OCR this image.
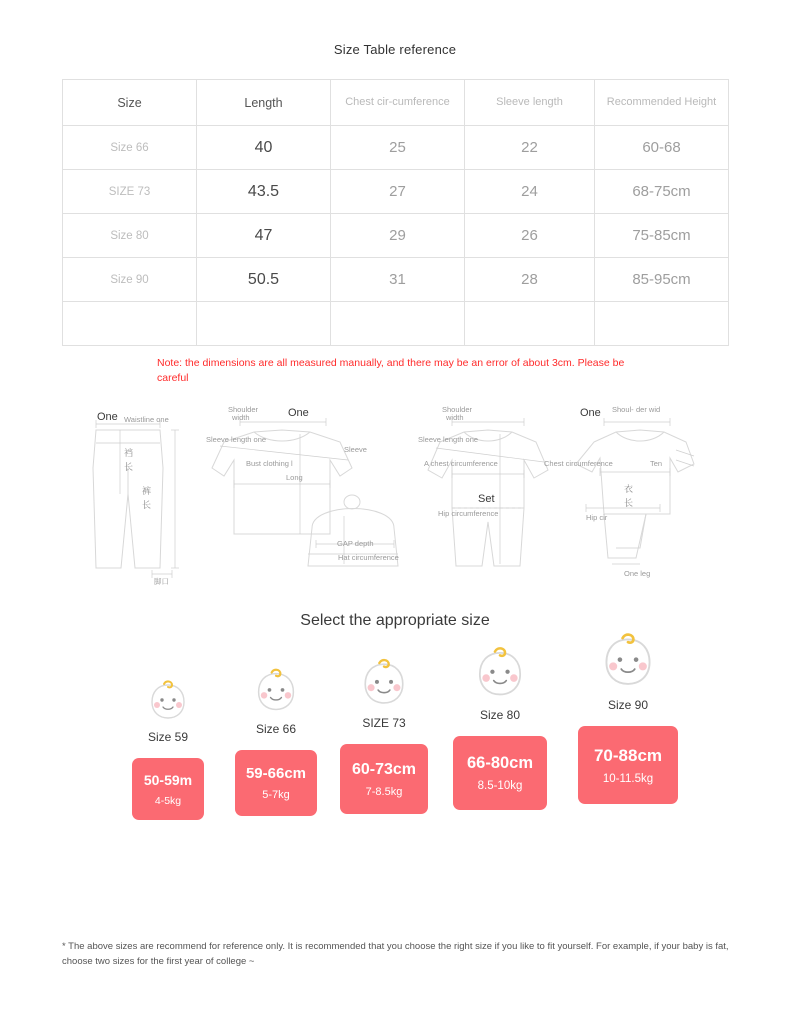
Size Table reference
Size	Length	Chest cir-cumference	Sleeve length	Recommended Height
Size 66	40	25	22	60-68
SIZE 73	43.5	27	24	68-75cm
Size 80	47	29	26	75-85cm
Size 90	50.5	31	28	85-95cm

Note: the dimensions are all measured manually, and there may be an error of about 3cm. Please be careful
One Waistline one
裆
长
裤
长
脚口
Shoulder
width	One
Sleeve length one
Sleeve
Bust clothing l
Long
GAP depth
Hat circumference
Shoulder
width
Sleeve length one
A chest circumference
Set
Hip circumference
One Shoul- der wid
Chest circumference	Ten
衣
长
Hip cir
One leg
Select the appropriate size
Size 59
50-59m
4-5kg
Size 66
59-66cm
5-7kg
SIZE 73
60-73cm
7-8.5kg
Size 80
66-80cm
8.5-10kg
Size 90
70-88cm
10-11.5kg
* The above sizes are recommend for reference only. It is recommended that you choose the right size if you like to fit yourself. For example, if your baby is fat, choose two sizes for the first year of college ~
